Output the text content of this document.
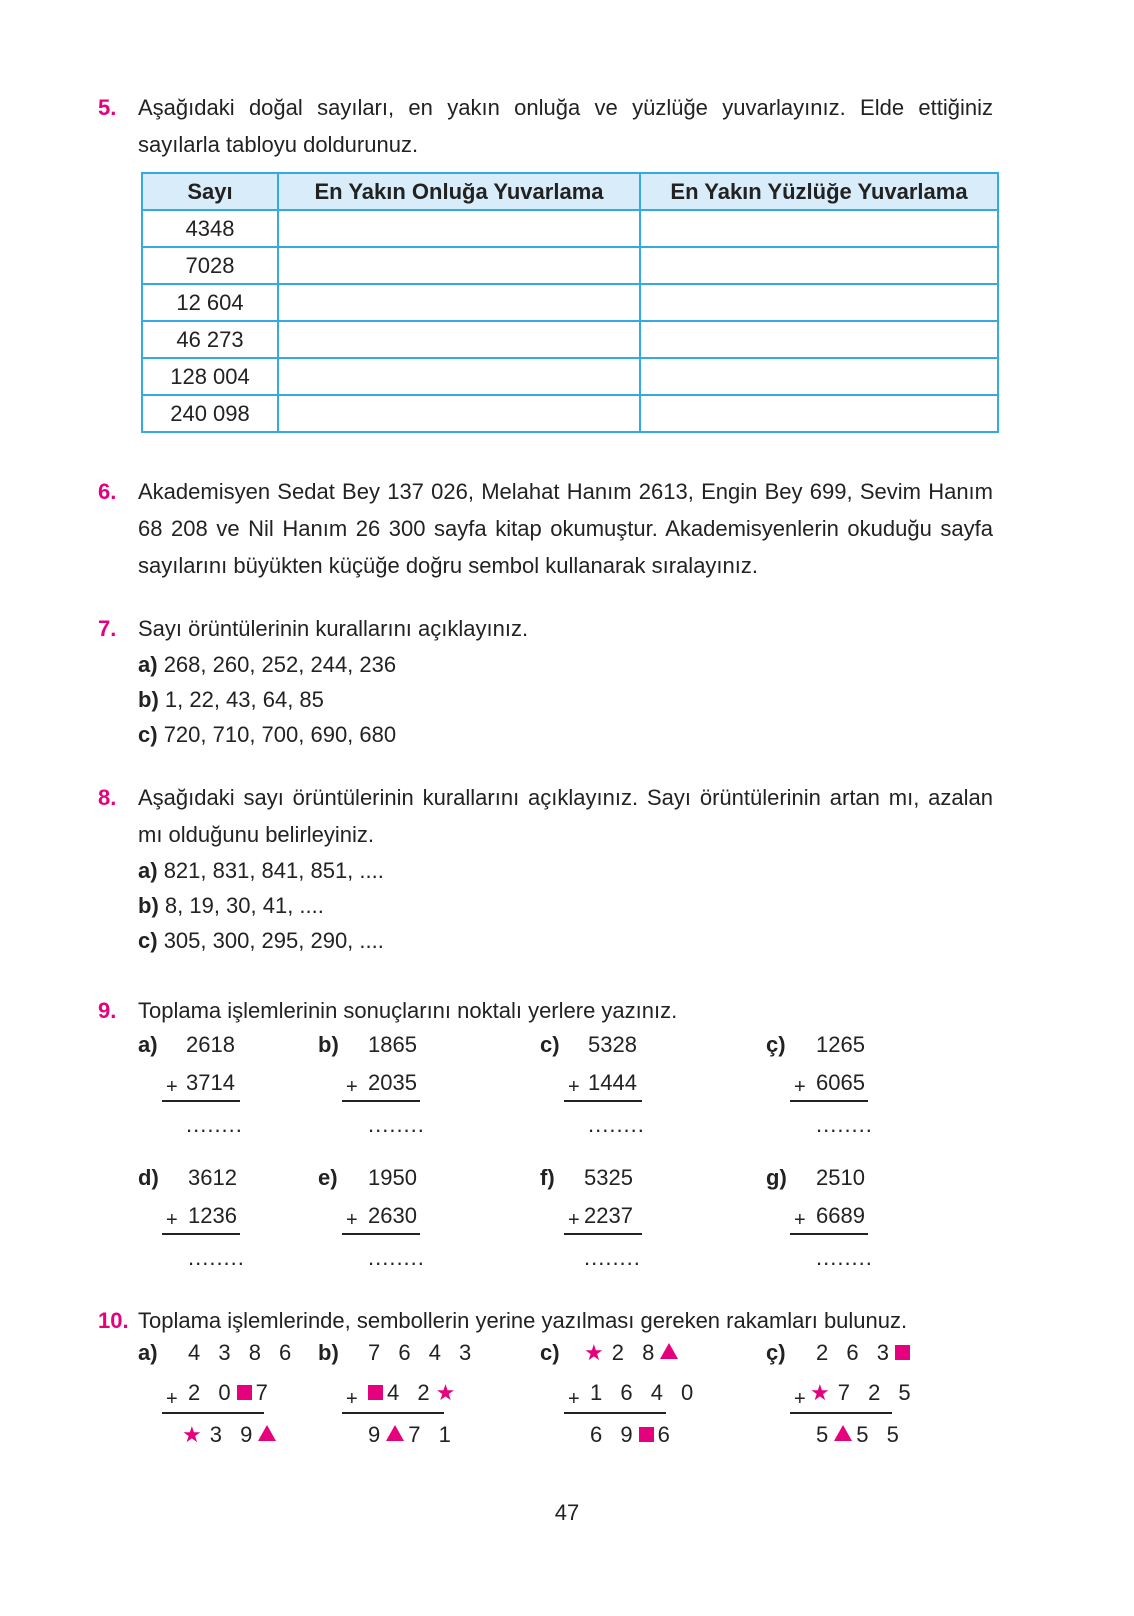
5. Aşağıdaki doğal sayıları, en yakın onluğa ve yüzlüğe yuvarlayınız. Elde ettiğiniz sayılarla tabloyu doldurunuz.
Sayı	En Yakın Onluğa Yuvarlama	En Yakın Yüzlüğe Yuvarlama
4348		
7028		
12 604		
46 273		
128 004		
240 098		
6. Akademisyen Sedat Bey 137 026, Melahat Hanım 2613, Engin Bey 699, Sevim Hanım 68 208 ve Nil Hanım 26 300 sayfa kitap okumuştur. Akademisyenlerin okuduğu sayfa sayılarını büyükten küçüğe doğru sembol kullanarak sıralayınız.
7. Sayı örüntülerinin kurallarını açıklayınız.
a) 268, 260, 252, 244, 236
b) 1, 22, 43, 64, 85
c) 720, 710, 700, 690, 680
8. Aşağıdaki sayı örüntülerinin kurallarını açıklayınız. Sayı örüntülerinin artan mı, azalan mı olduğunu belirleyiniz.
a) 821, 831, 841, 851, ....
b) 8, 19, 30, 41, ....
c) 305, 300, 295, 290, ....
9. Toplama işlemlerinin sonuçlarını noktalı yerlere yazınız.
a) 2618
+ 3714
........
b) 1865
+ 2035
........
c) 5328
+ 1444
........
ç) 1265
+ 6065
........
d) 3612
+ 1236
........
e) 1950
+ 2630
........
f) 5325
+ 2237
........
g) 2510
+ 6689
........
10. Toplama işlemlerinde, sembollerin yerine yazılması gereken rakamları bulunuz.
a) 4 3 8 6
+ 2 0 7
★3 9
b) 7 6 4 3
+	4 2★
9 7 1
c) ★2 8
+ 1 6 4 0
6 9 6
ç) 2 6 3
+ ★7 2 5
5 5 5
47
